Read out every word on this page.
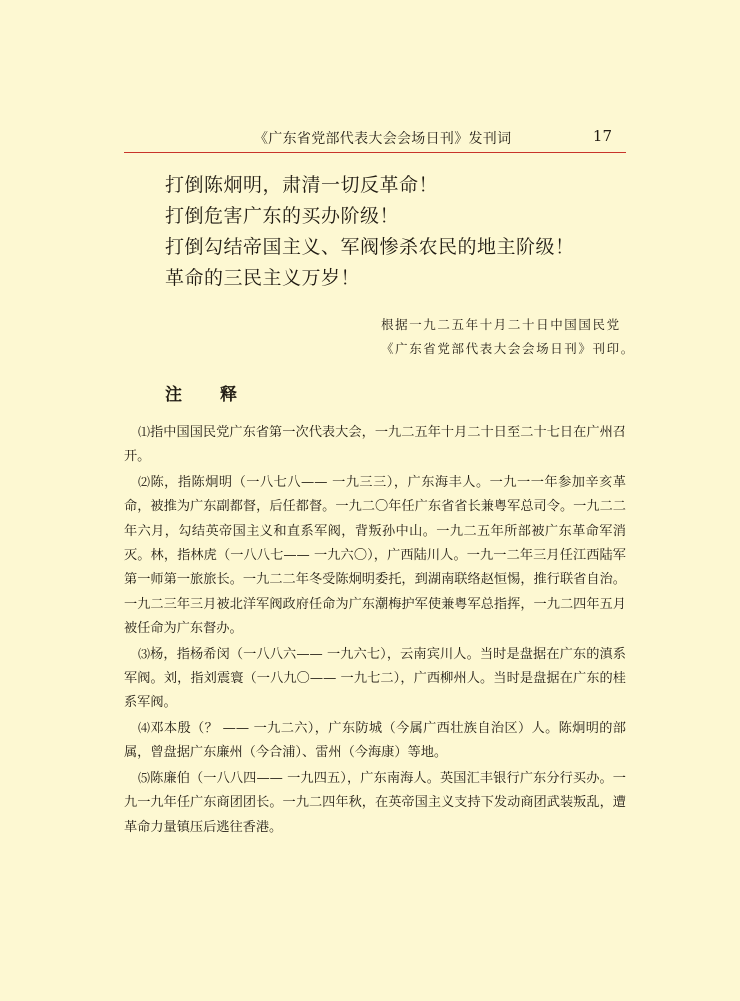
《广东省党部代表大会会场日刊》发刊词	17
打倒陈炯明，肃清一切反革命！
打倒危害广东的买办阶级！
打倒勾结帝国主义、军阀惨杀农民的地主阶级！
革命的三民主义万岁！
根据一九二五年十月二十日中国国民党
《广东省党部代表大会会场日刊》刊印。
注 释

⑴指中国国民党广东省第一次代表大会，一九二五年十月二十日至二十七日在广州召开。

⑵陈，指陈炯明（一八七八—— 一九三三），广东海丰人。一九一一年参加辛亥革命，被推为广东副都督，后任都督。一九二〇年任广东省省长兼粤军总司令。一九二二年六月，勾结英帝国主义和直系军阀，背叛孙中山。一九二五年所部被广东革命军消灭。林，指林虎（一八八七—— 一九六〇），广西陆川人。一九一二年三月任江西陆军第一师第一旅旅长。一九二二年冬受陈炯明委托，到湖南联络赵恒惕，推行联省自治。一九二三年三月被北洋军阀政府任命为广东潮梅护军使兼粤军总指挥，一九二四年五月被任命为广东督办。

⑶杨，指杨希闵（一八八六—— 一九六七），云南宾川人。当时是盘据在广东的滇系军阀。刘，指刘震寰（一八九〇—— 一九七二），广西柳州人。当时是盘据在广东的桂系军阀。

⑷邓本殷（？ —— 一九二六），广东防城（今属广西壮族自治区）人。陈炯明的部属，曾盘据广东廉州（今合浦）、雷州（今海康）等地。

⑸陈廉伯（一八八四—— 一九四五），广东南海人。英国汇丰银行广东分行买办。一九一九年任广东商团团长。一九二四年秋，在英帝国主义支持下发动商团武装叛乱，遭革命力量镇压后逃往香港。
